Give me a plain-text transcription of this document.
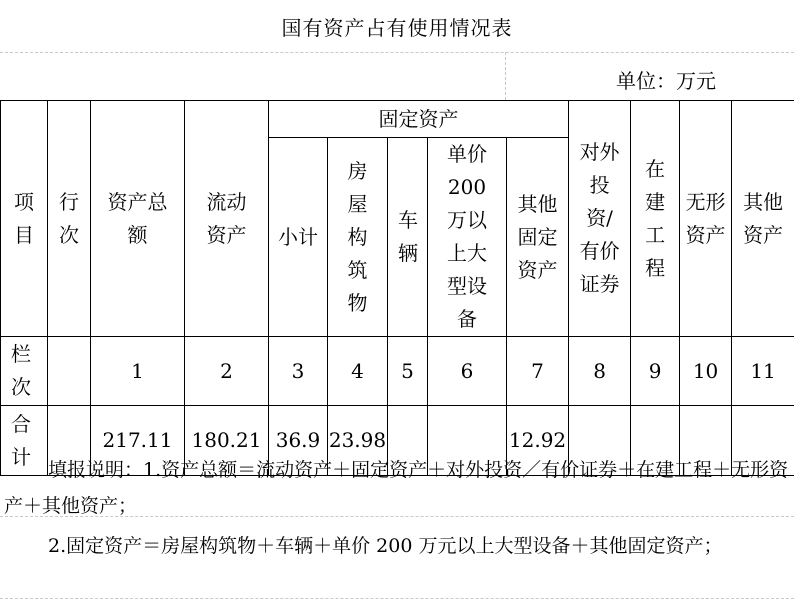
国有资产占有使用情况表
单位：万元
项目	行次	资产总额	流动资产	固定资产					对外投资/有价证券	在建工程	无形资产	其他资产
				小计	房屋构筑物	车辆	单价200万以上大型设备	其他固定资产				
栏次		1	2	3	4	5	6	7	8	9	10	11
合计		217.11	180.21	36.9	23.98			12.92				
填报说明：1.资产总额＝流动资产＋固定资产＋对外投资／有价证券＋在建工程＋无形资产＋其他资产；
2.固定资产＝房屋构筑物＋车辆＋单价 200 万元以上大型设备＋其他固定资产；
